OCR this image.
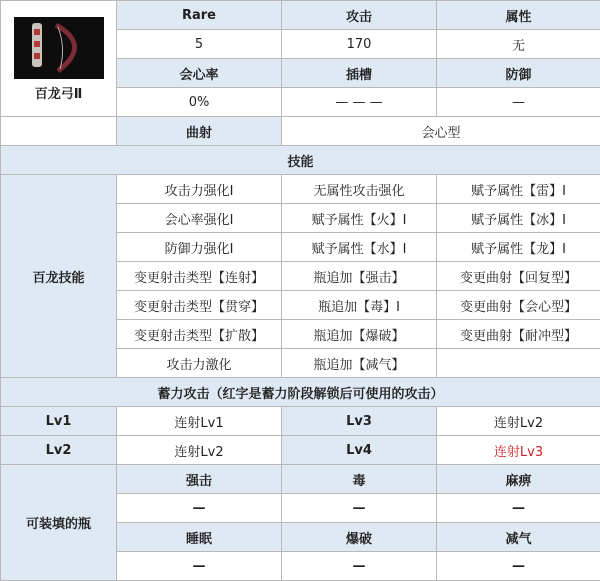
百龙弓Ⅱ	Rare	攻击	属性
	5	170	无
	会心率	插槽	防御
	0%	— — —	—
	曲射	会心型	
技能			
百龙技能	攻击力强化Ⅰ	无属性攻击强化	赋予属性【雷】Ⅰ
	会心率强化Ⅰ	赋予属性【火】Ⅰ	赋予属性【冰】Ⅰ
	防御力强化Ⅰ	赋予属性【水】Ⅰ	赋予属性【龙】Ⅰ
	变更射击类型【连射】	瓶追加【强击】	变更曲射【回复型】
	变更射击类型【贯穿】	瓶追加【毒】Ⅰ	变更曲射【会心型】
	变更射击类型【扩散】	瓶追加【爆破】	变更曲射【耐冲型】
	攻击力激化	瓶追加【减气】	
蓄力攻击（红字是蓄力阶段解锁后可使用的攻击）			
Lv1	连射Lv1	Lv3	连射Lv2
Lv2	连射Lv2	Lv4	连射Lv3
可装填的瓶	强击	毒	麻痹
	—	—	—
	睡眠	爆破	减气
	—	—	—
